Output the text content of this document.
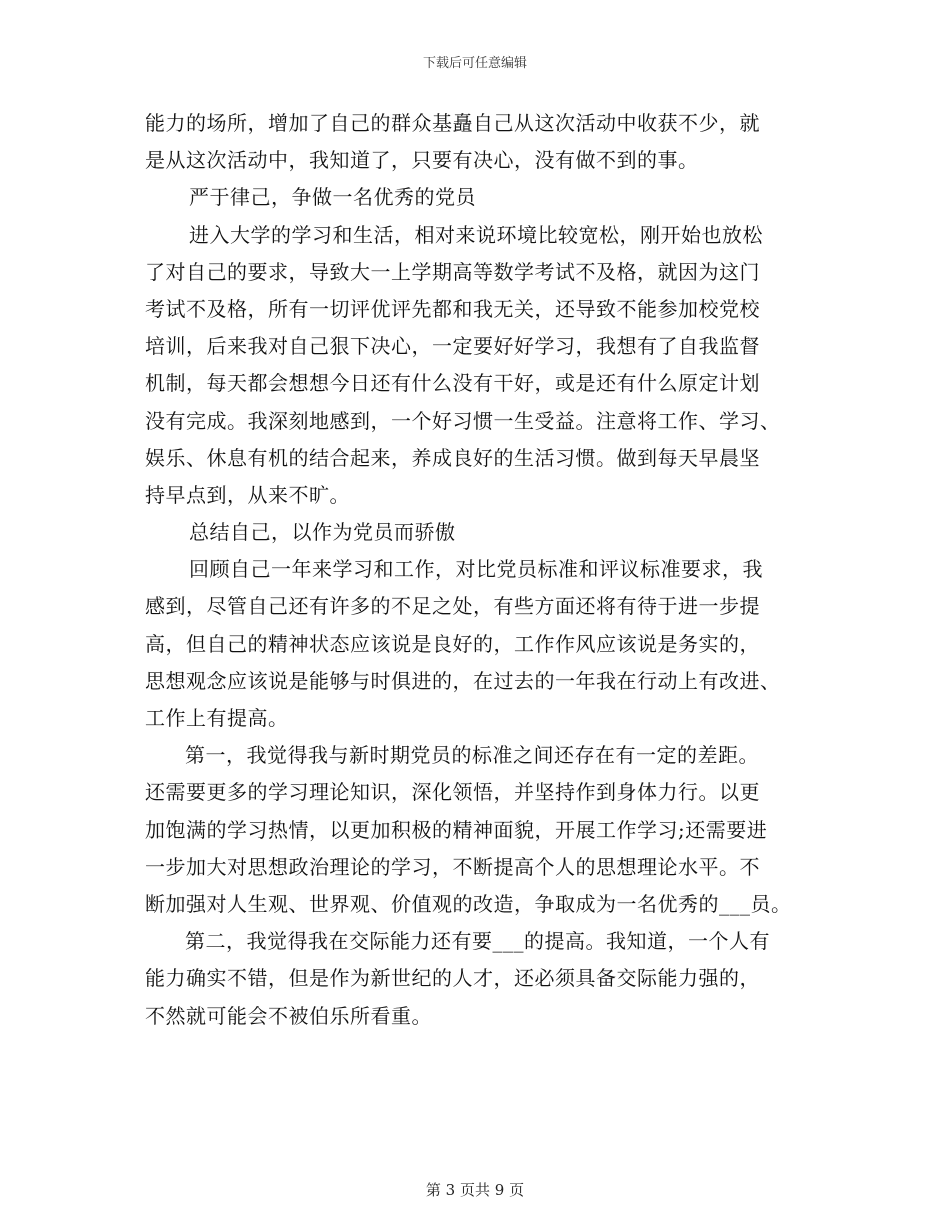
下载后可任意编辑
能力的场所，增加了自己的群众基矗自己从这次活动中收获不少，就
是从这次活动中，我知道了，只要有决心，没有做不到的事。
严于律己，争做一名优秀的党员
进入大学的学习和生活，相对来说环境比较宽松，刚开始也放松
了对自己的要求，导致大一上学期高等数学考试不及格，就因为这门
考试不及格，所有一切评优评先都和我无关，还导致不能参加校党校
培训，后来我对自己狠下决心，一定要好好学习，我想有了自我监督
机制，每天都会想想今日还有什么没有干好，或是还有什么原定计划
没有完成。我深刻地感到，一个好习惯一生受益。注意将工作、学习、
娱乐、休息有机的结合起来，养成良好的生活习惯。做到每天早晨坚
持早点到，从来不旷。
总结自己，以作为党员而骄傲
回顾自己一年来学习和工作，对比党员标准和评议标准要求，我
感到，尽管自己还有许多的不足之处，有些方面还将有待于进一步提
高，但自己的精神状态应该说是良好的，工作作风应该说是务实的，
思想观念应该说是能够与时俱进的，在过去的一年我在行动上有改进、
工作上有提高。
第一，我觉得我与新时期党员的标准之间还存在有一定的差距。
还需要更多的学习理论知识，深化领悟，并坚持作到身体力行。以更
加饱满的学习热情，以更加积极的精神面貌，开展工作学习;还需要进
一步加大对思想政治理论的学习，不断提高个人的思想理论水平。不
断加强对人生观、世界观、价值观的改造，争取成为一名优秀的___员。
第二，我觉得我在交际能力还有要___的提高。我知道，一个人有
能力确实不错，但是作为新世纪的人才，还必须具备交际能力强的，
不然就可能会不被伯乐所看重。
第 3 页共 9 页
